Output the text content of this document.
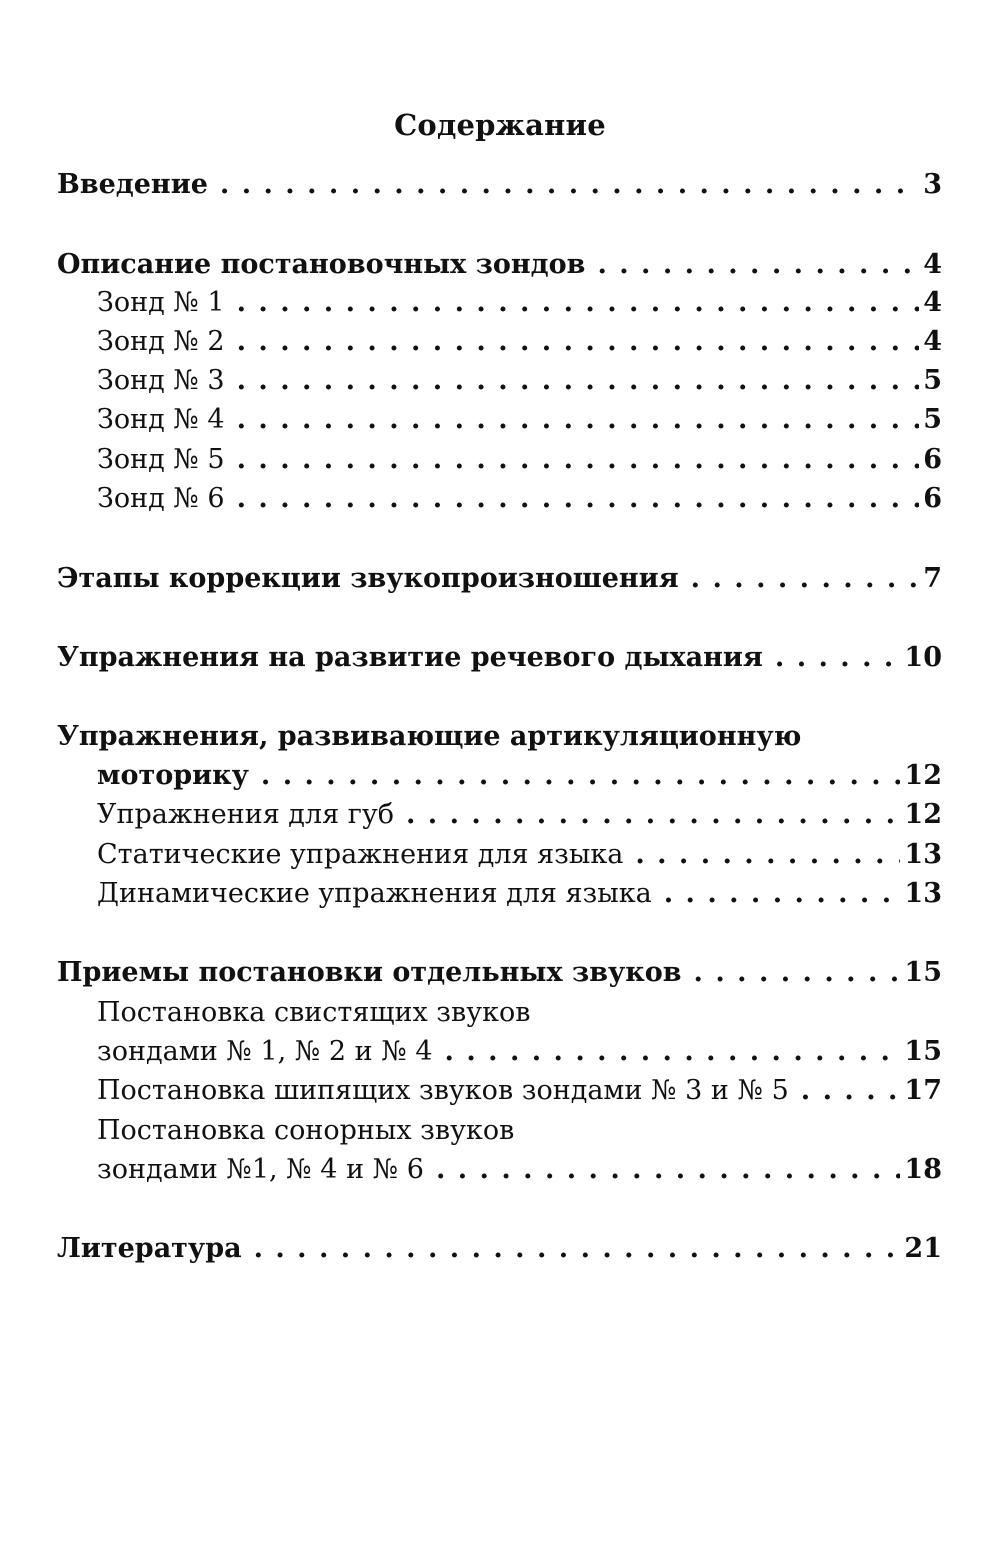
Содержание
Введение . . .	3
Описание постановочных зондов . . .	4
Зонд № 1 . . .	4
Зонд № 2 . . .	4
Зонд № 3 . . .	5
Зонд № 4 . . .	5
Зонд № 5 . . .	6
Зонд № 6 . . .	6
Этапы коррекции звукопроизношения . . .	7
Упражнения на развитие речевого дыхания . . .	10
Упражнения, развивающие артикуляционную
моторику . . .	12
Упражнения для губ . . .	12
Статические упражнения для языка . . .	13
Динамические упражнения для языка . . .	13
Приемы постановки отдельных звуков . . .	15
Постановка свистящих звуков
зондами № 1, № 2 и № 4 . . .	15
Постановка шипящих звуков зондами № 3 и № 5 . . .	17
Постановка сонорных звуков
зондами №1, № 4 и № 6 . . .	18
Литература . . .	21
